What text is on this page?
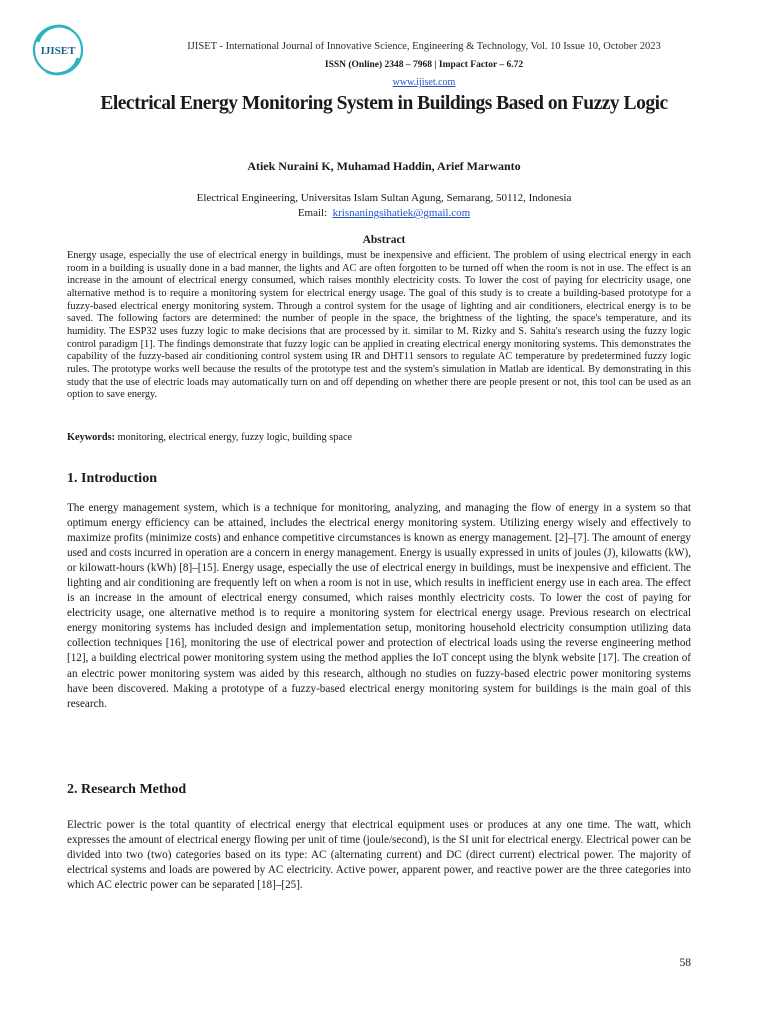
IJISET	IJISET - International Journal of Innovative Science, Engineering & Technology, Vol. 10 Issue 10, October 2023
ISSN (Online) 2348 – 7968 | Impact Factor – 6.72
www.ijiset.com
Electrical Energy Monitoring System in Buildings Based on Fuzzy Logic
Atiek Nuraini K, Muhamad Haddin, Arief Marwanto
Electrical Engineering, Universitas Islam Sultan Agung, Semarang, 50112, Indonesia
Email: krisnaningsihatiek@gmail.com
Abstract

Energy usage, especially the use of electrical energy in buildings, must be inexpensive and efficient. The problem of using electrical energy in each room in a building is usually done in a bad manner, the lights and AC are often forgotten to be turned off when the room is not in use. The effect is an increase in the amount of electrical energy consumed, which raises monthly electricity costs. To lower the cost of paying for electricity usage, one alternative method is to require a monitoring system for electrical energy usage. The goal of this study is to create a building-based prototype for a fuzzy-based electrical energy monitoring system. Through a control system for the usage of lighting and air conditioners, electrical energy is to be saved. The following factors are determined: the number of people in the space, the brightness of the lighting, the space's temperature, and its humidity. The ESP32 uses fuzzy logic to make decisions that are processed by it. similar to M. Rizky and S. Sahita's research using the fuzzy logic control paradigm [1]. The findings demonstrate that fuzzy logic can be applied in creating electrical energy monitoring systems. This demonstrates the capability of the fuzzy-based air conditioning control system using IR and DHT11 sensors to regulate AC temperature by predetermined fuzzy logic rules. The prototype works well because the results of the prototype test and the system's simulation in Matlab are identical. By demonstrating in this study that the use of electric loads may automatically turn on and off depending on whether there are people present or not, this tool can be used as an option to save energy.

Keywords: monitoring, electrical energy, fuzzy logic, building space

1. Introduction

The energy management system, which is a technique for monitoring, analyzing, and managing the flow of energy in a system so that optimum energy efficiency can be attained, includes the electrical energy monitoring system. Utilizing energy wisely and effectively to maximize profits (minimize costs) and enhance competitive circumstances is known as energy management. [2]–[7]. The amount of energy used and costs incurred in operation are a concern in energy management. Energy is usually expressed in units of joules (J), kilowatts (kW), or kilowatt-hours (kWh) [8]–[15]. Energy usage, especially the use of electrical energy in buildings, must be inexpensive and efficient. The lighting and air conditioning are frequently left on when a room is not in use, which results in inefficient energy use in each area. The effect is an increase in the amount of electrical energy consumed, which raises monthly electricity costs. To lower the cost of paying for electricity usage, one alternative method is to require a monitoring system for electrical energy usage. Previous research on electrical energy monitoring systems has included design and implementation setup, monitoring household electricity consumption utilizing data collection techniques [16], monitoring the use of electrical power and protection of electrical loads using the reverse engineering method [12], a building electrical power monitoring system using the method applies the IoT concept using the blynk website [17]. The creation of an electric power monitoring system was aided by this research, although no studies on fuzzy-based electric power monitoring systems have been discovered. Making a prototype of a fuzzy-based electrical energy monitoring system for buildings is the main goal of this research.

2. Research Method

Electric power is the total quantity of electrical energy that electrical equipment uses or produces at any one time. The watt, which expresses the amount of electrical energy flowing per unit of time (joule/second), is the SI unit for electrical energy. Electrical power can be divided into two (two) categories based on its type: AC (alternating current) and DC (direct current) electrical power. The majority of electrical systems and loads are powered by AC electricity. Active power, apparent power, and reactive power are the three categories into which AC electric power can be separated [18]–[25].

58
